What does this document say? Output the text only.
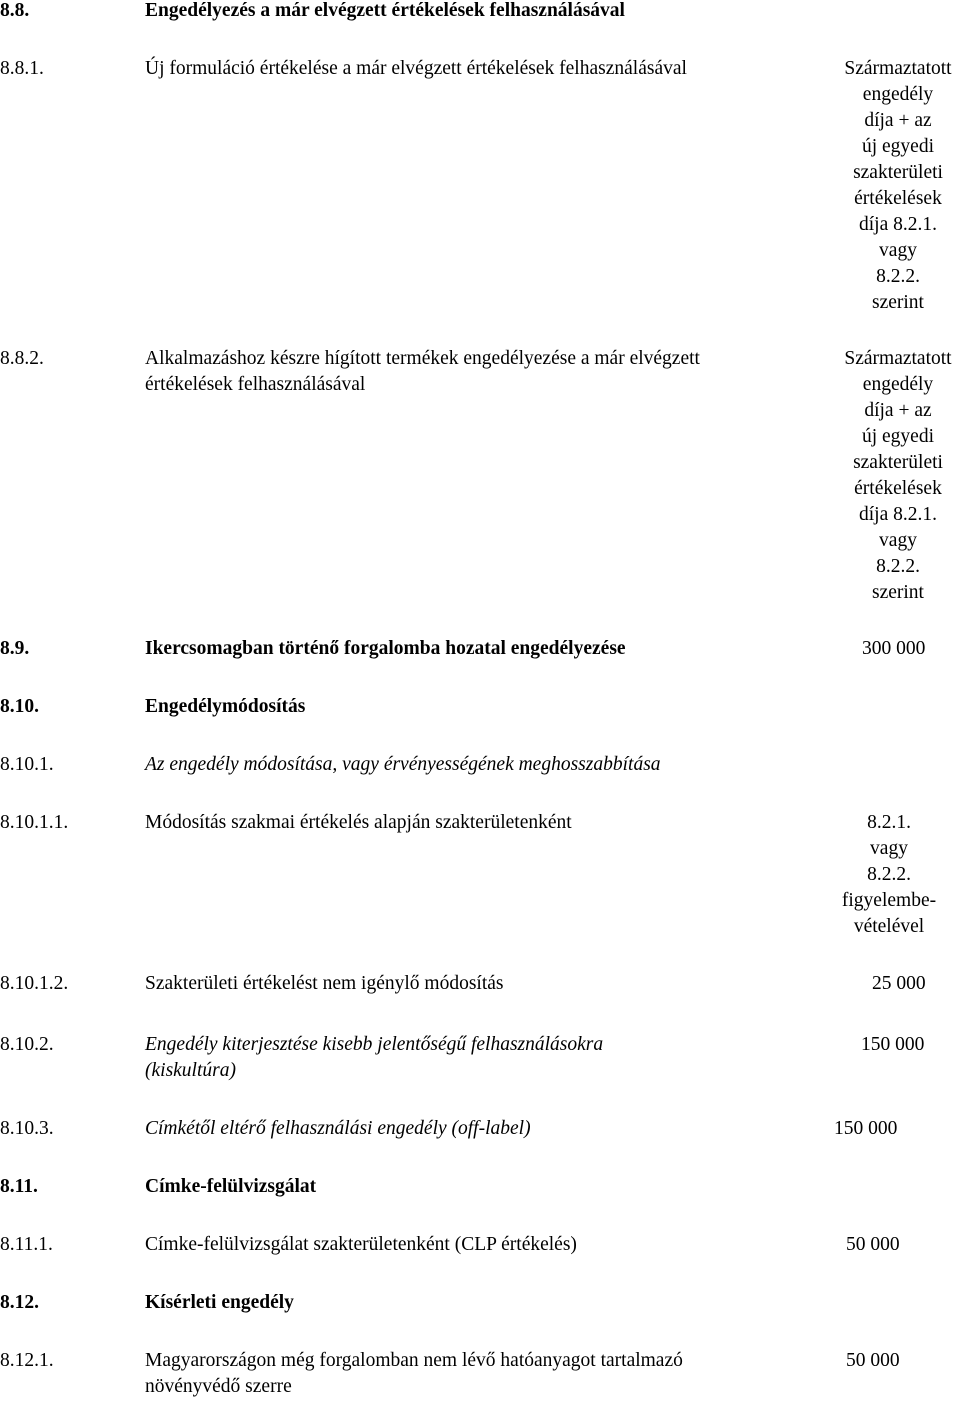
8.8.	Engedélyezés a már elvégzett értékelések felhasználásával
8.8.1.	Új formuláció értékelése a már elvégzett értékelések felhasználásával	Származtatott
engedély
díja + az
új egyedi
szakterületi
értékelések
díja 8.2.1.
vagy
8.2.2.
szerint
8.8.2.	Alkalmazáshoz készre hígított termékek engedélyezése a már elvégzett
értékelések felhasználásával
Származtatott
engedély
díja + az
új egyedi
szakterületi
értékelések
díja 8.2.1.
vagy
8.2.2.
szerint
8.9.	Ikercsomagban történő forgalomba hozatal engedélyezése	300 000
8.10.	Engedélymódosítás
8.10.1.	Az engedély módosítása, vagy érvényességének meghosszabbítása
8.10.1.1.	Módosítás szakmai értékelés alapján szakterületenként	8.2.1.
vagy
8.2.2.
figyelembe-
vételével
8.10.1.2.	Szakterületi értékelést nem igénylő módosítás	25 000
8.10.2.	Engedély kiterjesztése kisebb jelentőségű felhasználásokra
(kiskultúra)
150 000
8.10.3.	Címkétől eltérő felhasználási engedély (off-label)	150 000
8.11.	Címke-felülvizsgálat
8.11.1.	Címke-felülvizsgálat szakterületenként (CLP értékelés)	50 000
8.12.	Kísérleti engedély
8.12.1.	Magyarországon még forgalomban nem lévő hatóanyagot tartalmazó
növényvédő szerre
50 000
